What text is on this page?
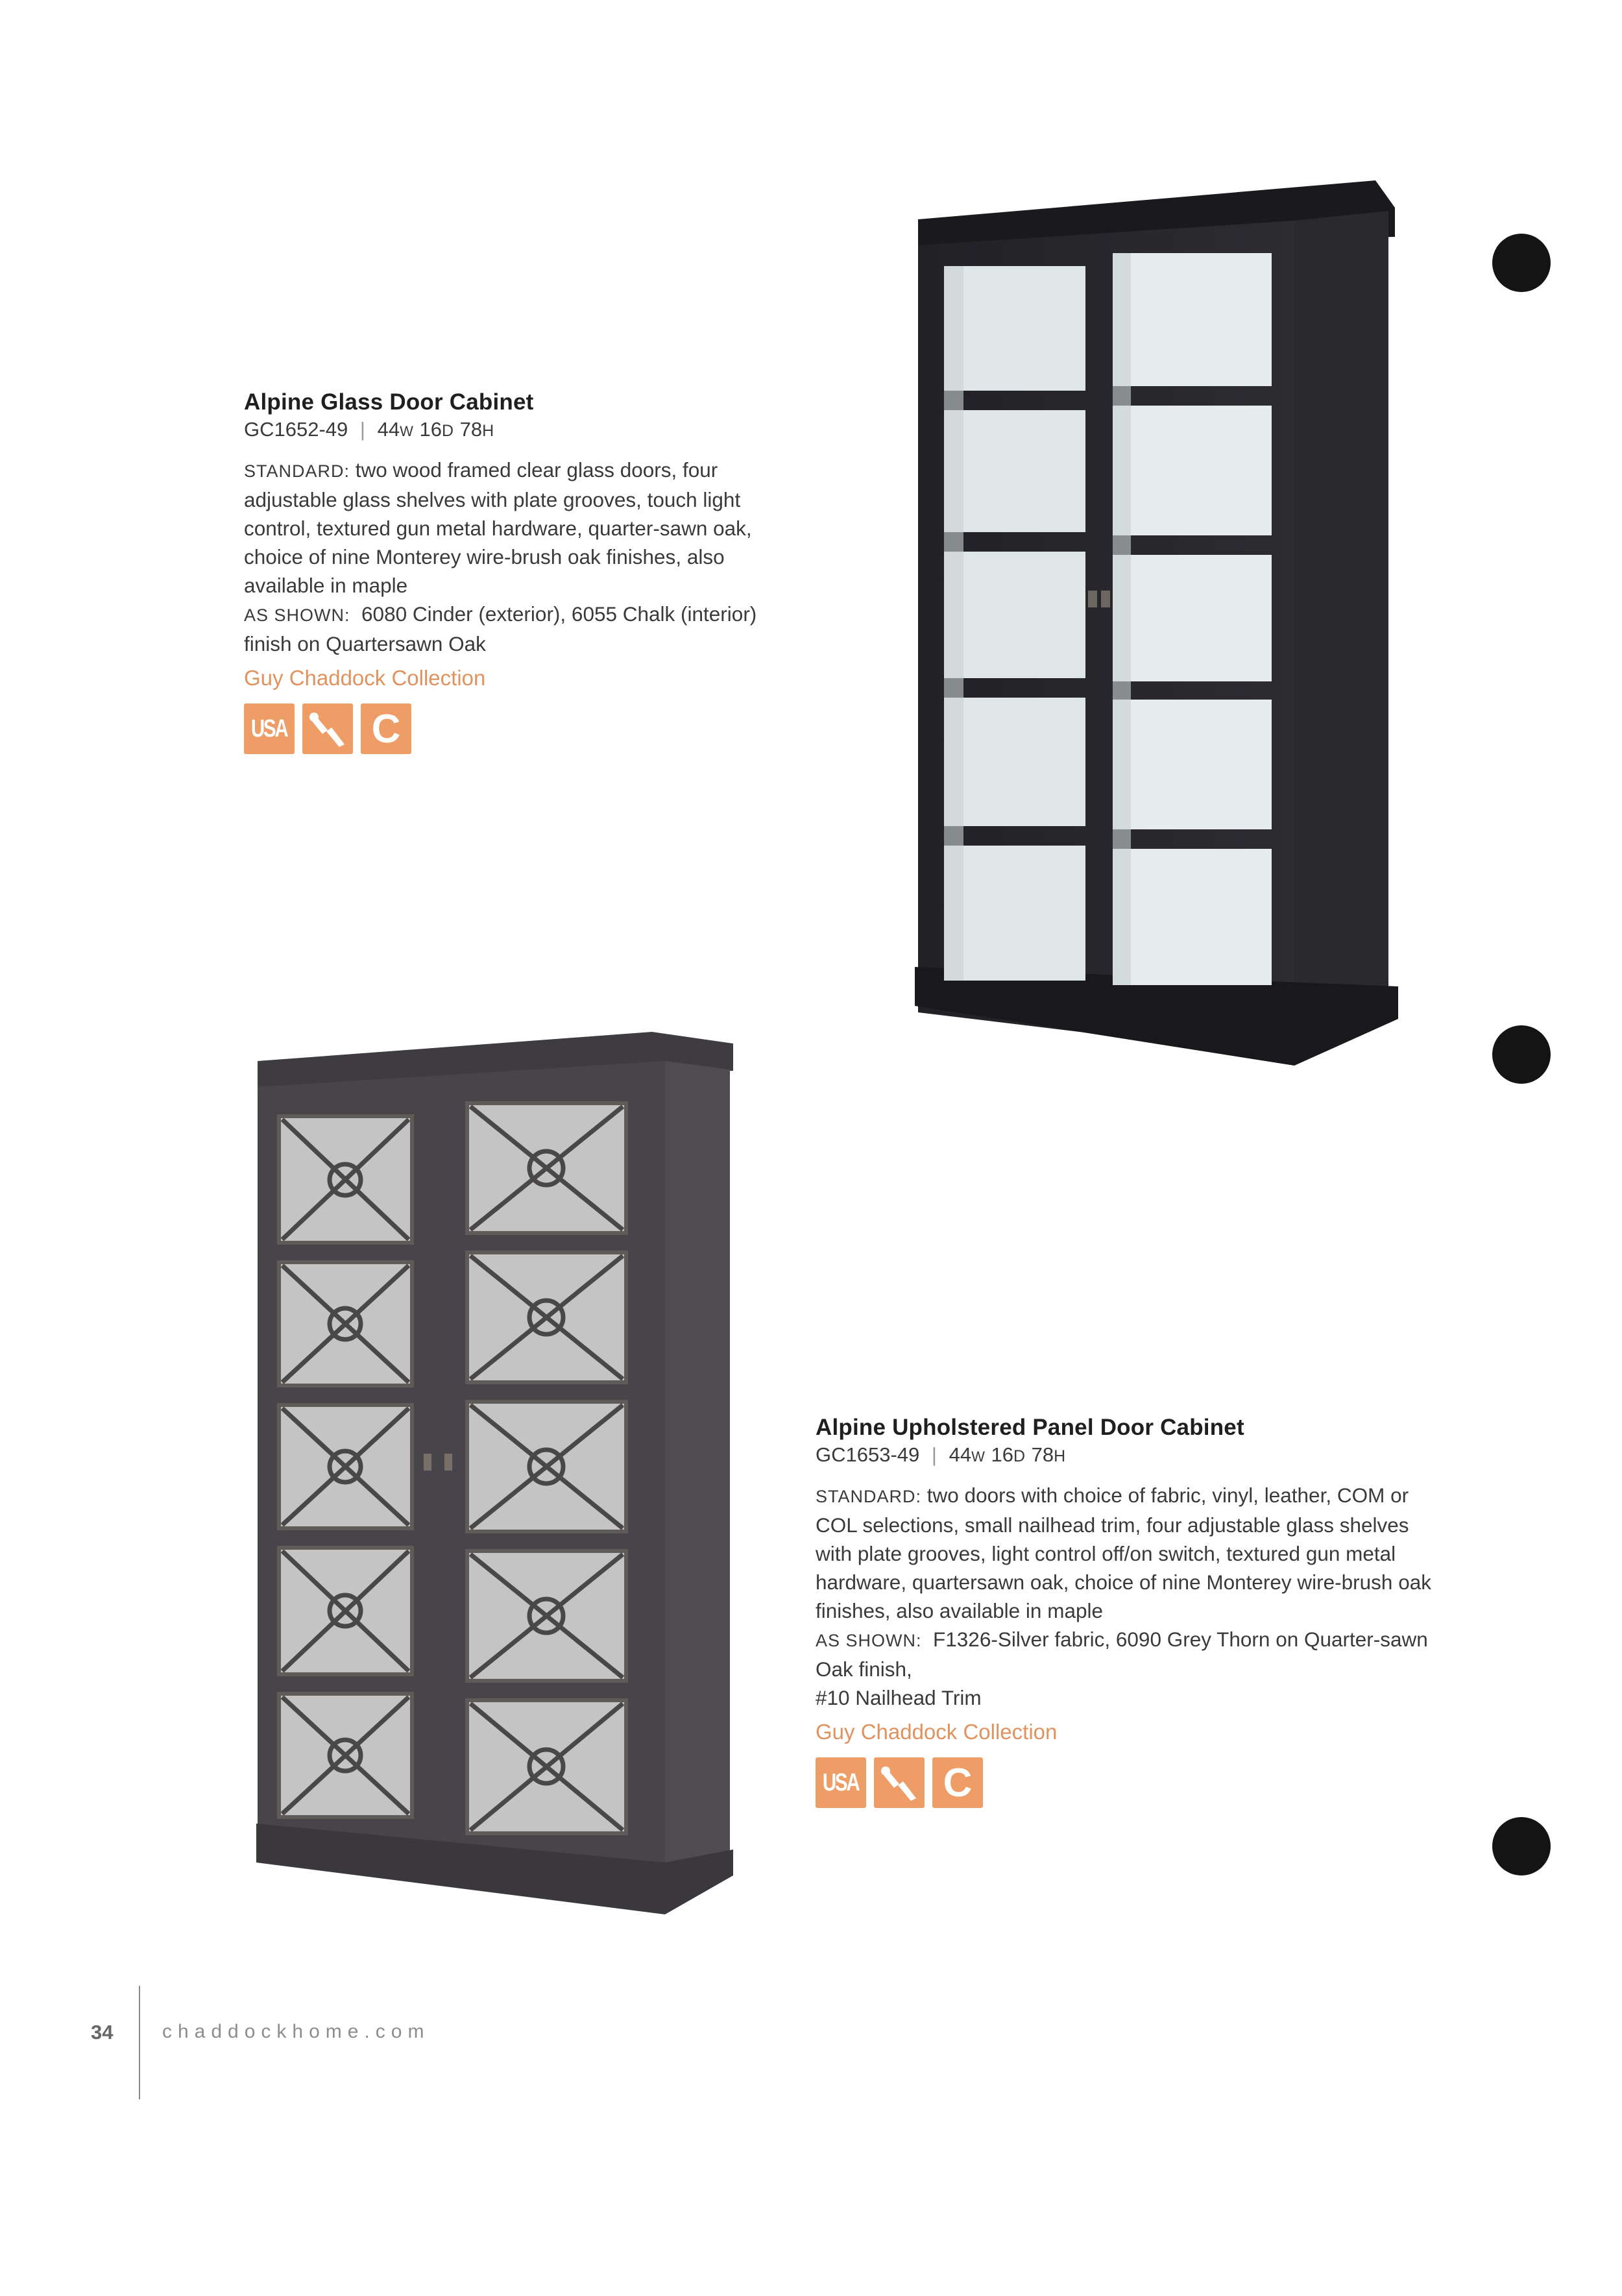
Alpine Glass Door Cabinet
GC1652-49 | 44w 16D 78H

STANDARD: two wood framed clear glass doors, four adjustable glass shelves with plate grooves, touch light control, textured gun metal hardware, quarter-sawn oak, choice of nine Monterey wire-brush oak finishes, also available in maple

AS SHOWN: 6080 Cinder (exterior), 6055 Chalk (interior) finish on Quartersawn Oak

Guy Chaddock Collection
USA C
Alpine Upholstered Panel Door Cabinet
GC1653-49 | 44w 16D 78H

STANDARD: two doors with choice of fabric, vinyl, leather, COM or COL selections, small nailhead trim, four adjustable glass shelves with plate grooves, light control off/on switch, textured gun metal hardware, quartersawn oak, choice of nine Monterey wire-brush oak finishes, also available in maple

AS SHOWN: F1326-Silver fabric, 6090 Grey Thorn on Quarter-sawn Oak finish,

#10 Nailhead Trim

Guy Chaddock Collection
USA C
34	chaddockhome.com
